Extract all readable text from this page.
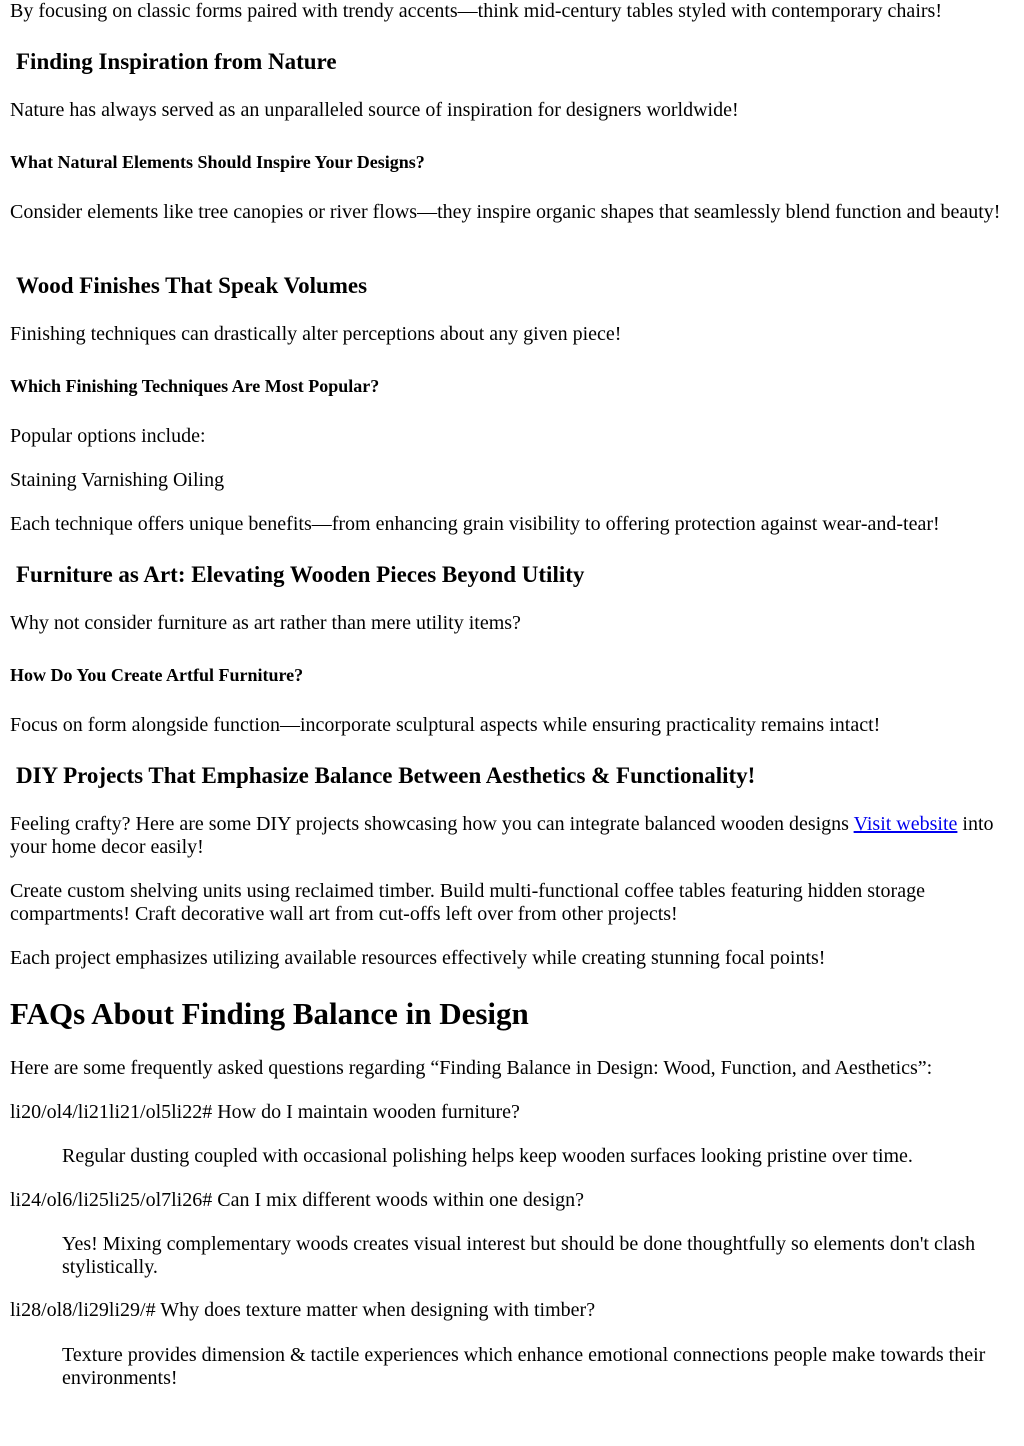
By focusing on classic forms paired with trendy accents—think mid-century tables styled with contemporary chairs!

Finding Inspiration from Nature

Nature has always served as an unparalleled source of inspiration for designers worldwide!

What Natural Elements Should Inspire Your Designs?

Consider elements like tree canopies or river flows—they inspire organic shapes that seamlessly blend function and beauty!

Wood Finishes That Speak Volumes

Finishing techniques can drastically alter perceptions about any given piece!

Which Finishing Techniques Are Most Popular?

Popular options include:

Staining Varnishing Oiling

Each technique offers unique benefits—from enhancing grain visibility to offering protection against wear-and-tear!

Furniture as Art: Elevating Wooden Pieces Beyond Utility

Why not consider furniture as art rather than mere utility items?

How Do You Create Artful Furniture?

Focus on form alongside function—incorporate sculptural aspects while ensuring practicality remains intact!

DIY Projects That Emphasize Balance Between Aesthetics & Functionality!

Feeling crafty? Here are some DIY projects showcasing how you can integrate balanced wooden designs Visit website into your home decor easily!

Create custom shelving units using reclaimed timber. Build multi-functional coffee tables featuring hidden storage compartments! Craft decorative wall art from cut-offs left over from other projects!

Each project emphasizes utilizing available resources effectively while creating stunning focal points!

FAQs About Finding Balance in Design

Here are some frequently asked questions regarding “Finding Balance in Design: Wood, Function, and Aesthetics”:

li20/ol4/li21li21/ol5li22# How do I maintain wooden furniture?

Regular dusting coupled with occasional polishing helps keep wooden surfaces looking pristine over time.

li24/ol6/li25li25/ol7li26# Can I mix different woods within one design?

Yes! Mixing complementary woods creates visual interest but should be done thoughtfully so elements don't clash stylistically.

li28/ol8/li29li29/# Why does texture matter when designing with timber?

Texture provides dimension & tactile experiences which enhance emotional connections people make towards their environments!
